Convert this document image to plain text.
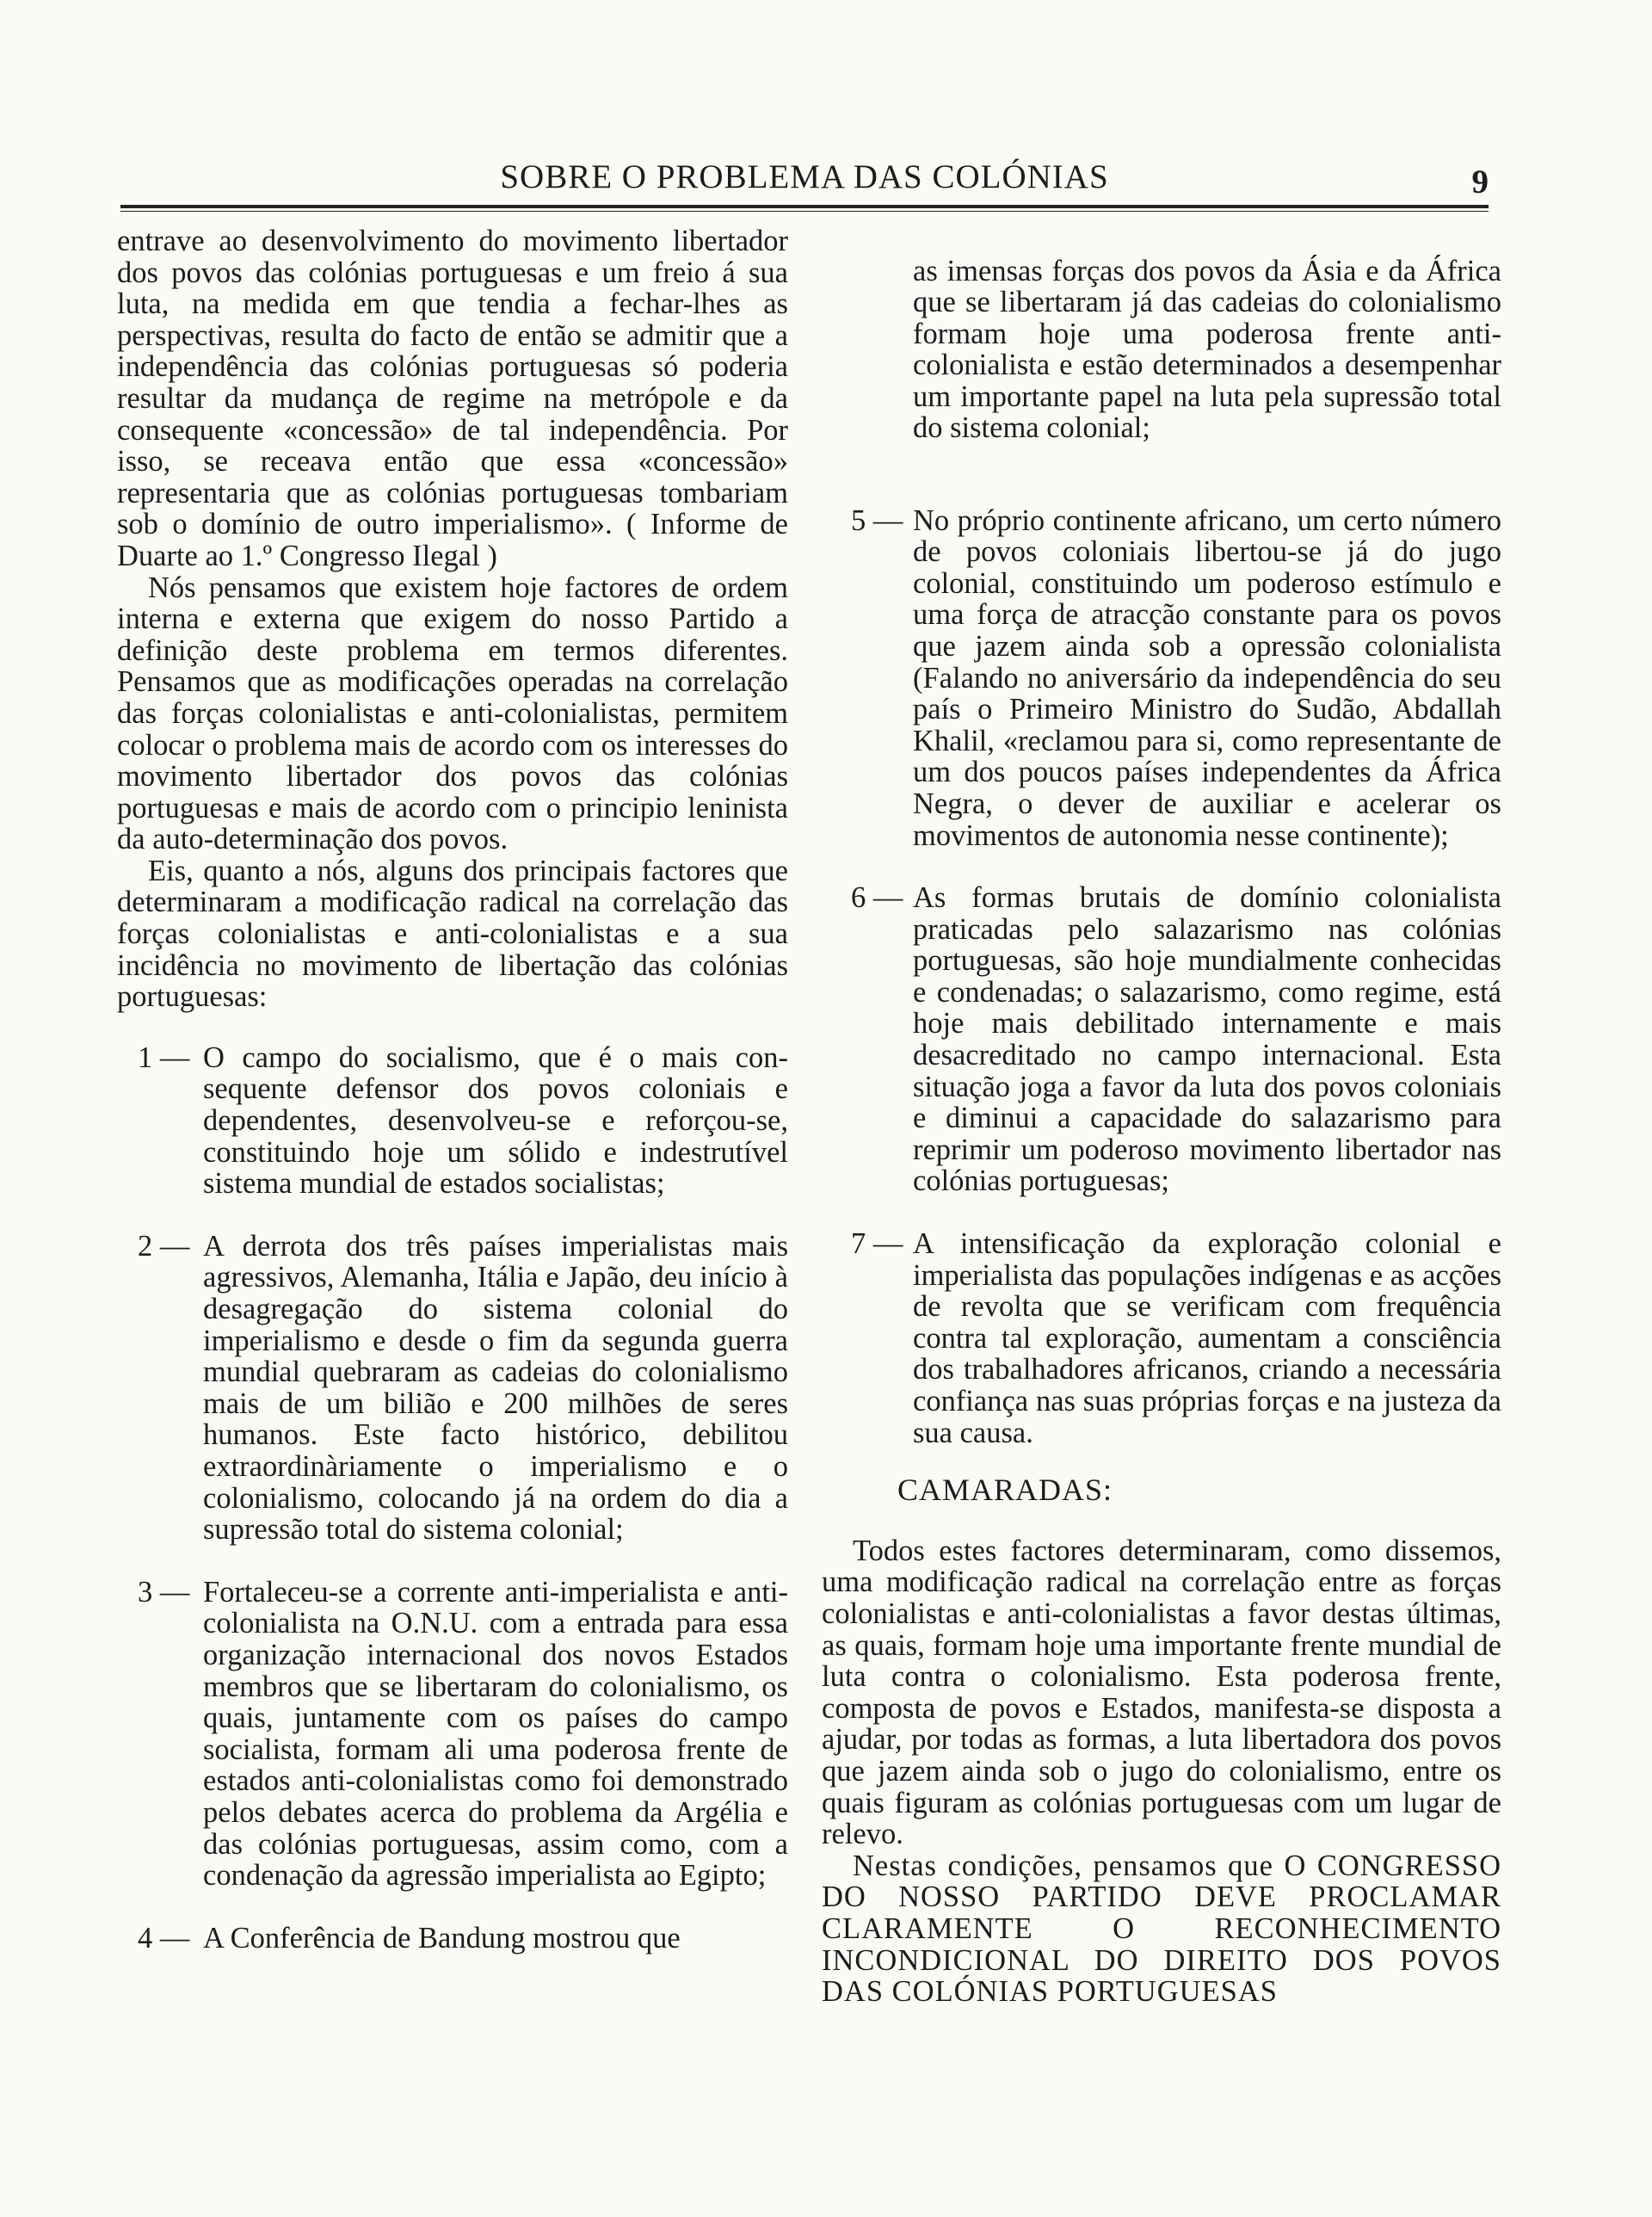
SOBRE O PROBLEMA DAS COLÓNIAS	9

entrave ao desenvolvimento do movimento libertador dos povos das colónias portuguesas e um freio á sua luta, na medida em que tendia a fechar-lhes as perspectivas, resulta do facto de então se admitir que a independência das colónias portuguesas só poderia resultar da mudança de regime na metrópole e da consequente «concessão» de tal independência. Por isso, se receava então que essa «concessão» representaria que as colónias portuguesas tombariam sob o domínio de outro imperialismo». ( Informe de Duarte ao 1.º Congresso Ilegal )

Nós pensamos que existem hoje factores de ordem interna e externa que exigem do nosso Partido a definição deste problema em termos diferentes. Pensamos que as modificações operadas na correlação das forças colonialistas e anti-colonialistas, permitem colocar o problema mais de acordo com os interesses do movimento libertador dos povos das colónias portuguesas e mais de acordo com o principio leninista da auto-determinação dos povos.

Eis, quanto a nós, alguns dos principais factores que determinaram a modificação radical na correlação das forças colonialistas e anti-colonialistas e a sua incidência no movimento de libertação das colónias portuguesas:

1 — O campo do socialismo, que é o mais consequente defensor dos povos coloniais e dependentes, desenvolveu-se e reforçou-se, constituindo hoje um sólido e indestrutível sistema mundial de estados socialistas;

2 — A derrota dos três países imperialistas mais agressivos, Alemanha, Itália e Japão, deu início à desagregação do sistema colonial do imperialismo e desde o fim da segunda guerra mundial quebraram as cadeias do colonialismo mais de um bilião e 200 milhões de seres humanos. Este facto histórico, debilitou extraordinàriamente o imperialismo e o colonialismo, colocando já na ordem do dia a supressão total do sistema colonial;

3 — Fortaleceu-se a corrente anti-imperialista e anti-colonialista na O.N.U. com a entrada para essa organização internacional dos novos Estados membros que se libertaram do colonialismo, os quais, juntamente com os países do campo socialista, formam ali uma poderosa frente de estados anti-colonialistas como foi demonstrado pelos debates acerca do problema da Argélia e das colónias portuguesas, assim como, com a condenação da agressão imperialista ao Egipto;

4 — A Conferência de Bandung mostrou que

as imensas forças dos povos da Ásia e da África que se libertaram já das cadeias do colonialismo formam hoje uma poderosa frente anti-colonialista e estão determinados a desempenhar um importante papel na luta pela supressão total do sistema colonial;

5 — No próprio continente africano, um certo número de povos coloniais libertou-se já do jugo colonial, constituindo um poderoso estímulo e uma força de atracção constante para os povos que jazem ainda sob a opressão colonialista (Falando no aniversário da independência do seu país o Primeiro Ministro do Sudão, Abdallah Khalil, «reclamou para si, como representante de um dos poucos países independentes da África Negra, o dever de auxiliar e acelerar os movimentos de autonomia nesse continente);

6 — As formas brutais de domínio colonialista praticadas pelo salazarismo nas colónias portuguesas, são hoje mundialmente conhecidas e condenadas; o salazarismo, como regime, está hoje mais debilitado internamente e mais desacreditado no campo internacional. Esta situação joga a favor da luta dos povos coloniais e diminui a capacidade do salazarismo para reprimir um poderoso movimento libertador nas colónias portuguesas;

7 — A intensificação da exploração colonial e imperialista das populações indígenas e as acções de revolta que se verificam com frequência contra tal exploração, aumentam a consciência dos trabalhadores africanos, criando a necessária confiança nas suas próprias forças e na justeza da sua causa.

CAMARADAS:

Todos estes factores determinaram, como dissemos, uma modificação radical na correlação entre as forças colonialistas e anti-colonialistas a favor destas últimas, as quais, formam hoje uma importante frente mundial de luta contra o colonialismo. Esta poderosa frente, composta de povos e Estados, manifesta-se disposta a ajudar, por todas as formas, a luta libertadora dos povos que jazem ainda sob o jugo do colonialismo, entre os quais figuram as colónias portuguesas com um lugar de relevo.

Nestas condições, pensamos que O CONGRESSO DO NOSSO PARTIDO DEVE PROCLAMAR CLARAMENTE O RECONHECIMENTO INCONDICIONAL DO DIREITO DOS POVOS DAS COLÓNIAS PORTUGUESAS
